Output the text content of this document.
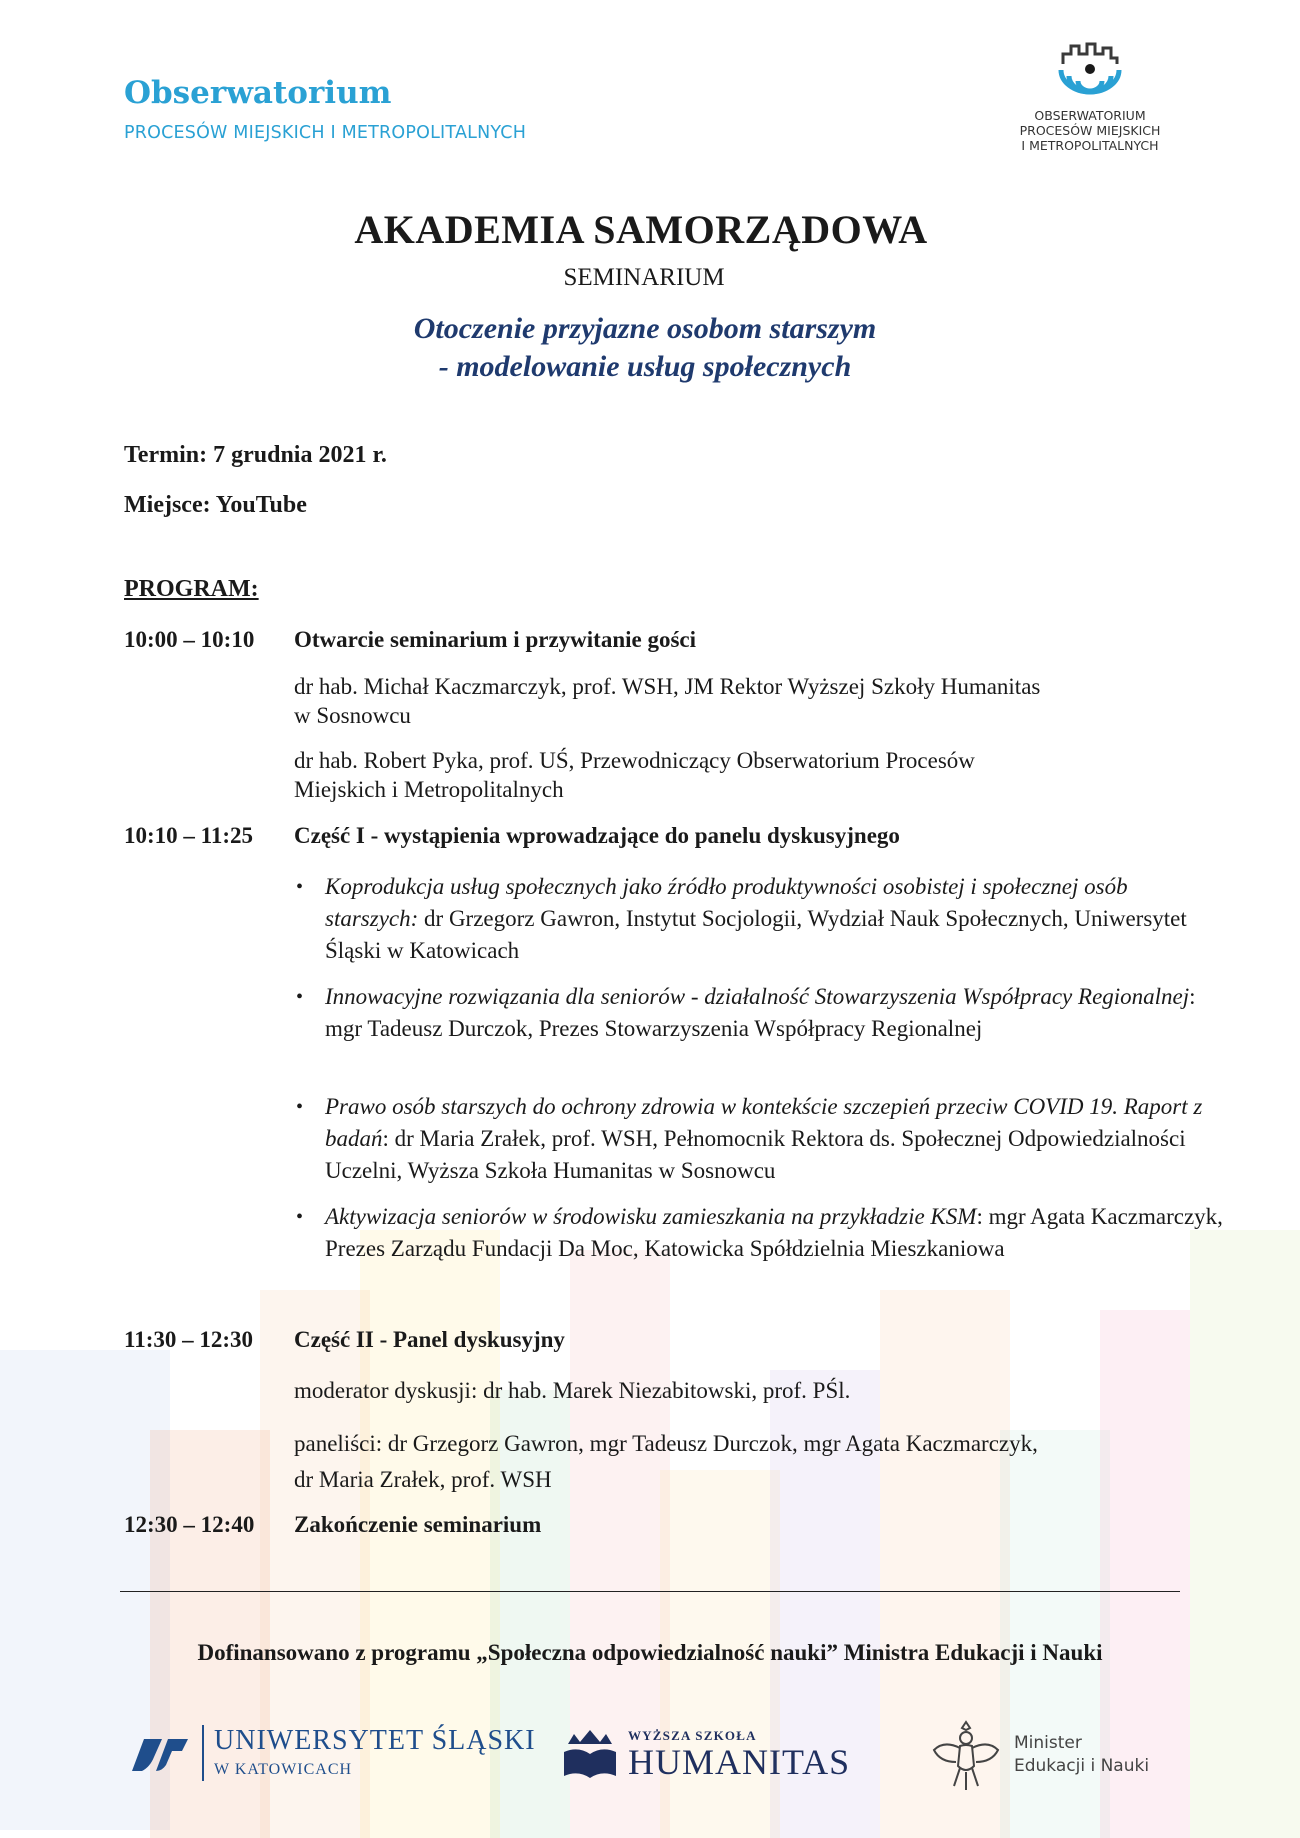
Obserwatorium
PROCESÓW MIEJSKICH I METROPOLITALNYCH
OBSERWATORIUM
PROCESÓW MIEJSKICH
I METROPOLITALNYCH
AKADEMIA SAMORZĄDOWA
SEMINARIUM
Otoczenie przyjazne osobom starszym
- modelowanie usług społecznych
Termin: 7 grudnia 2021 r.
Miejsce: YouTube
PROGRAM:
10:00 – 10:10 Otwarcie seminarium i przywitanie gości
dr hab. Michał Kaczmarczyk, prof. WSH, JM Rektor Wyższej Szkoły Humanitas
w Sosnowcu
dr hab. Robert Pyka, prof. UŚ, Przewodniczący Obserwatorium Procesów
Miejskich i Metropolitalnych
10:10 – 11:25 Część I - wystąpienia wprowadzające do panelu dyskusyjnego
• Koprodukcja usług społecznych jako źródło produktywności osobistej i społecznej osób starszych: dr Grzegorz Gawron, Instytut Socjologii, Wydział Nauk Społecznych, Uniwersytet Śląski w Katowicach
• Innowacyjne rozwiązania dla seniorów - działalność Stowarzyszenia Współpracy Regionalnej: mgr Tadeusz Durczok, Prezes Stowarzyszenia Współpracy Regionalnej
• Prawo osób starszych do ochrony zdrowia w kontekście szczepień przeciw COVID 19. Raport z badań: dr Maria Zrałek, prof. WSH, Pełnomocnik Rektora ds. Społecznej Odpowiedzialności Uczelni, Wyższa Szkoła Humanitas w Sosnowcu
• Aktywizacja seniorów w środowisku zamieszkania na przykładzie KSM: mgr Agata Kaczmarczyk, Prezes Zarządu Fundacji Da Moc, Katowicka Spółdzielnia Mieszkaniowa
11:30 – 12:30 Część II - Panel dyskusyjny
moderator dyskusji: dr hab. Marek Niezabitowski, prof. PŚl.
paneliści: dr Grzegorz Gawron, mgr Tadeusz Durczok, mgr Agata Kaczmarczyk,
dr Maria Zrałek, prof. WSH
12:30 – 12:40 Zakończenie seminarium
Dofinansowano z programu „Społeczna odpowiedzialność nauki” Ministra Edukacji i Nauki
UNIWERSYTET ŚLĄSKI
W KATOWICACH
WYŻSZA SZKOŁA
HUMANITAS	Minister
Edukacji i Nauki
